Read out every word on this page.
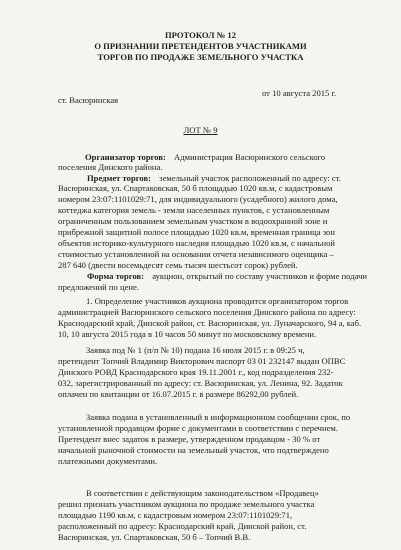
ПРОТОКОЛ № 12
О ПРИЗНАНИИ ПРЕТЕНДЕНТОВ УЧАСТНИКАМИ
ТОРГОВ ПО ПРОДАЖЕ ЗЕМЕЛЬНОГО УЧАСТКА
ст. Васюринская
от 10 августа 2015 г.
ЛОТ № 9
Организатор торгов: Администрация Васюринского сельского
поселения Динского района.
Предмет торгов: земельный участок расположенный по адресу: ст.
Васюринская, ул. Спартаковская, 50 б площадью 1020 кв.м, с кадастровым
номером 23:07:1101029:71, для индивидуального (усадебного) жилого дома,
коттеджа категория земель - земли населенных пунктов, с установленным
ограниченным пользованием земельным участком в водоохранной зоне и
прибрежной защитной полосе площадью 1020 кв.м, временная граница зон
объектов историко-культурного наследия площадью 1020 кв.м, с начальной
стоимостью установленной на основании отчета независимого оценщика –
287 640 (двести восемьдесят семь тысяч шестьсот сорок) рублей.
Форма торгов: аукцион, открытый по составу участников и форме подачи
предложений по цене.
1. Определение участников аукциона проводится организатором торгов
администрацией Васюринского сельского поселения Динского района по адресу:
Краснодарский край, Динской район, ст. Васюринская, ул. Луначарского, 94 а, каб.
10, 10 августа 2015 года в 10 часов 50 минут по московскому времени.
Заявка под № 1 (п/п № 10) подана 16 июля 2015 г. в 09:25 ч,
претендент Топчий Владимир Викторович паспорт 03 01 232147 выдан ОПВС
Динского РОВД Краснодарского края 19.11.2001 г., код подразделения 232-
032, зарегистрированный по адресу: ст. Васюринская, ул. Ленина, 92. Задаток
оплачен по квитанции от 16.07.2015 г. в размере 86292,00 рублей.
Заявка подана в установленный в информационном сообщении срок, по
установленной продавцом форме с документами в соответствии с перечнем.
Претендент внес задаток в размере, утвержденном продавцом - 30 % от
начальной рыночной стоимости на земельный участок, что подтверждено
платежными документами.
В соответствии с действующим законодательством «Продавец»
решил признать участником аукциона по продаже земельного участка
площадью 1190 кв.м, с кадастровым номером 23:07:1101029:71,
расположенный по адресу: Краснодарский край, Динской район, ст.
Васюринская, ул. Спартаковская, 50 б – Топчий В.В.
